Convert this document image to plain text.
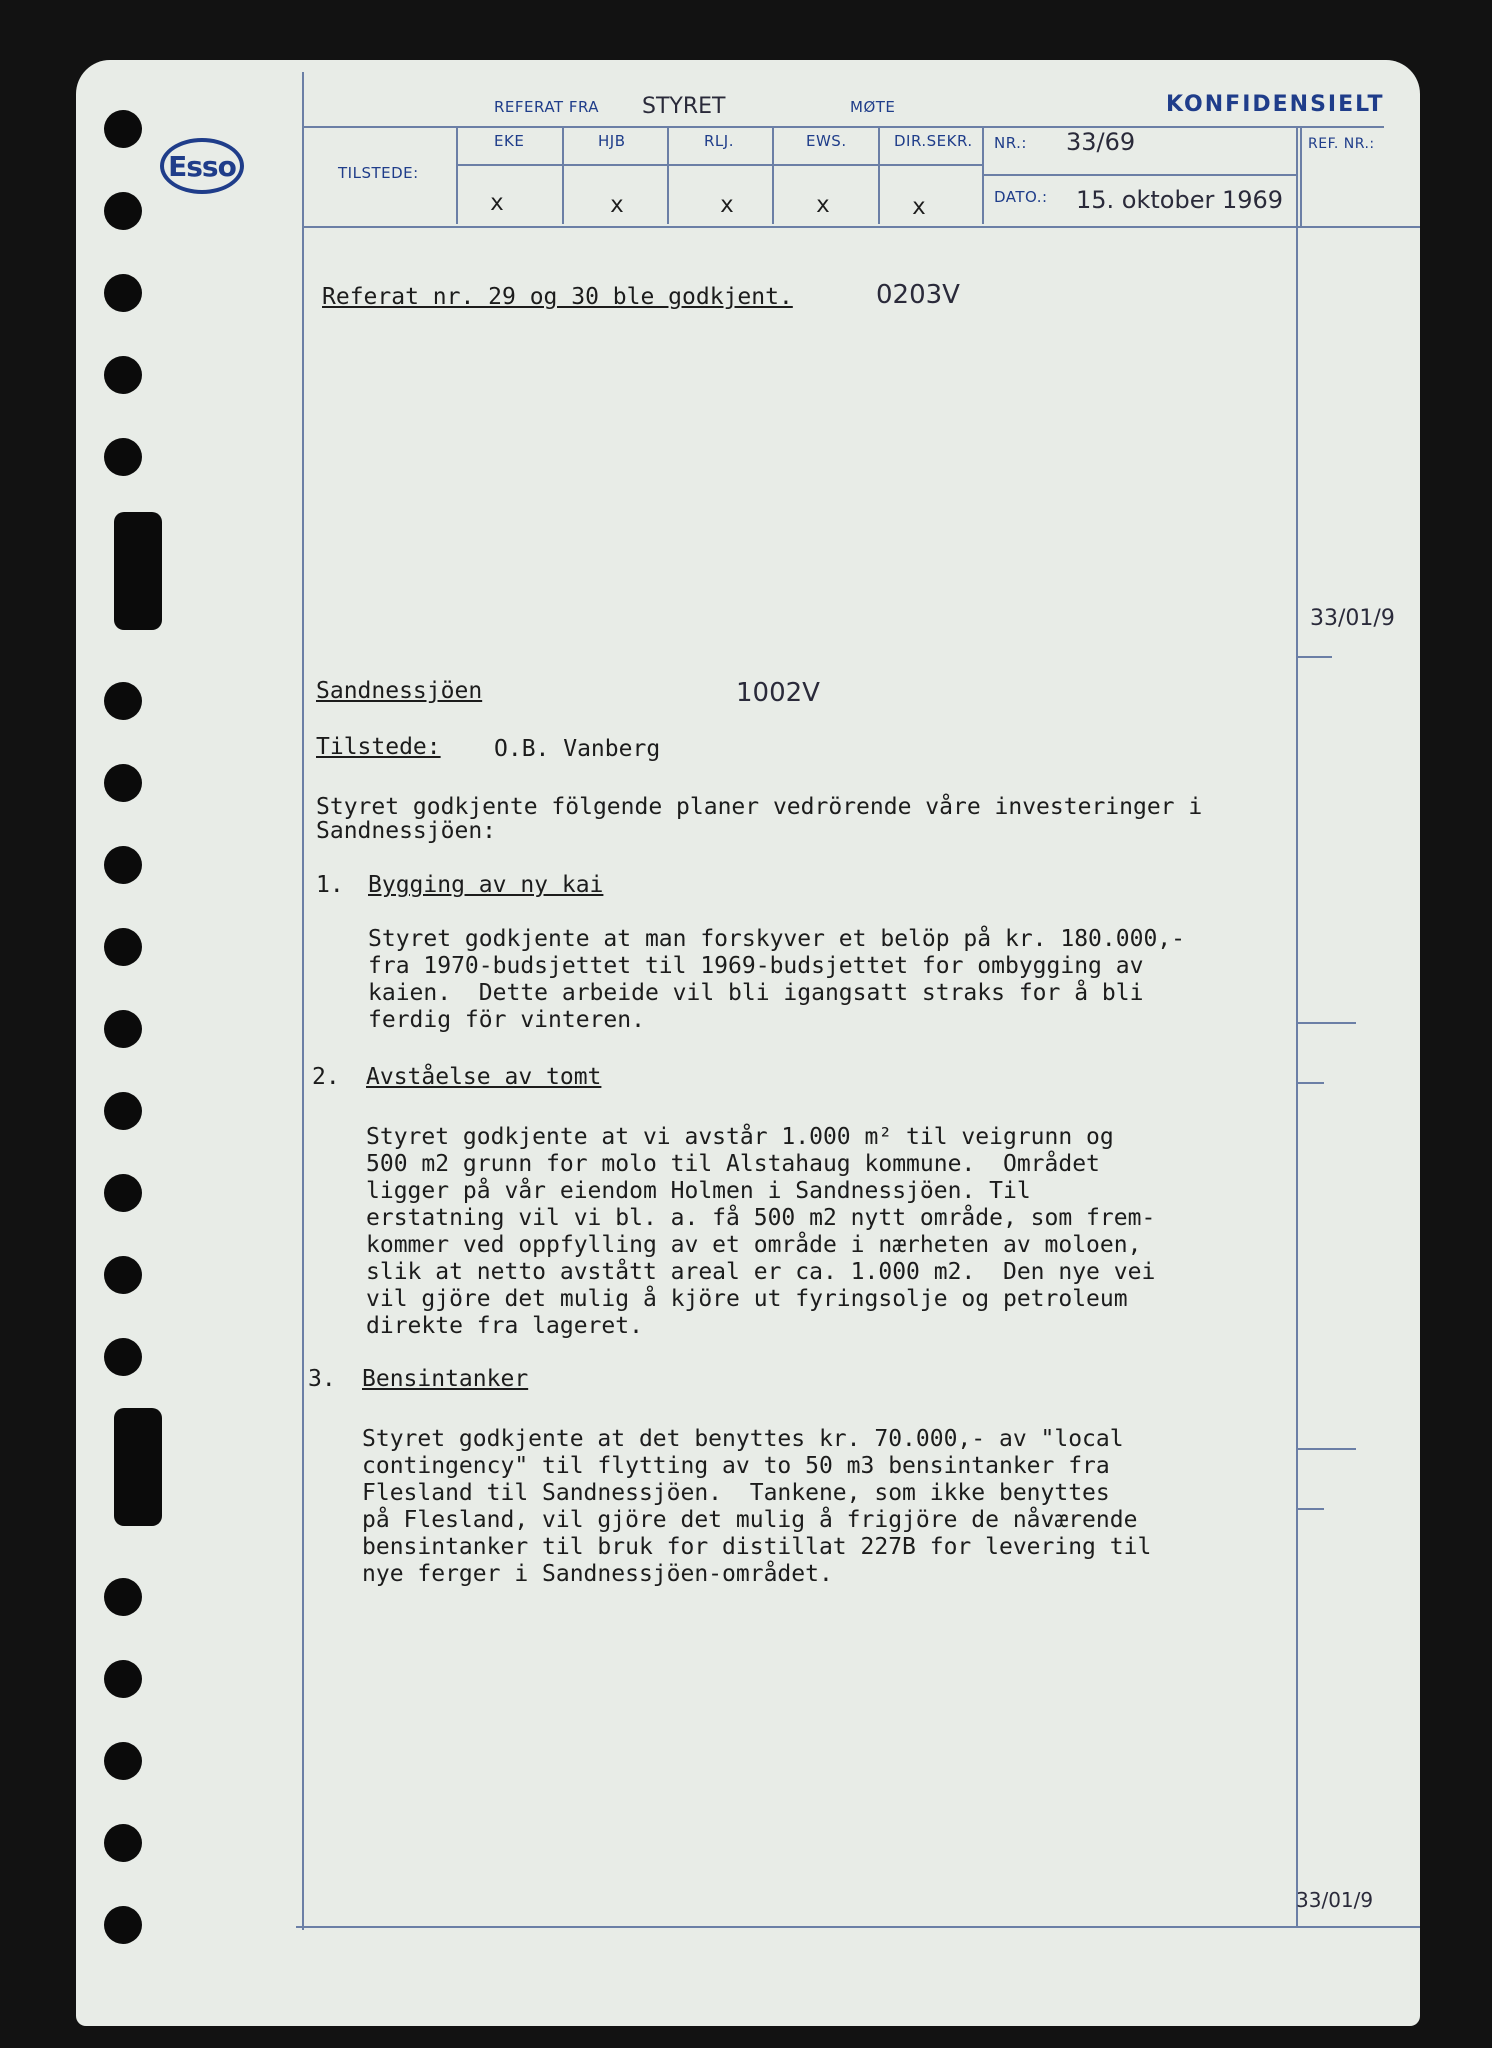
Esso
REFERAT FRA STYRET	MØTE	KONFIDENSIELT
TILSTEDE:
EKE	HJB	RLJ.	EWS.	DIR.SEKR.
x	x	x	x	x
NR.: 33/69	REF. NR.:
DATO.: 15. oktober 1969
Referat nr. 29 og 30 ble godkjent.	0203V
33/01/9
Sandnessjöen	1002V
Tilstede: O.B. Vanberg
Styret godkjente fölgende planer vedrörende våre investeringer i
Sandnessjöen:
1. Bygging av ny kai
Styret godkjente at man forskyver et belöp på kr. 180.000,-
fra 1970-budsjettet til 1969-budsjettet for ombygging av
kaien.  Dette arbeide vil bli igangsatt straks for å bli
ferdig för vinteren.
2. Avståelse av tomt
Styret godkjente at vi avstår 1.000 m² til veigrunn og
500 m2 grunn for molo til Alstahaug kommune.  Området
ligger på vår eiendom Holmen i Sandnessjöen. Til
erstatning vil vi bl. a. få 500 m2 nytt område, som frem-
kommer ved oppfylling av et område i nærheten av moloen,
slik at netto avstått areal er ca. 1.000 m2.  Den nye vei
vil gjöre det mulig å kjöre ut fyringsolje og petroleum
direkte fra lageret.
3. Bensintanker
Styret godkjente at det benyttes kr. 70.000,- av "local
contingency" til flytting av to 50 m3 bensintanker fra
Flesland til Sandnessjöen.  Tankene, som ikke benyttes
på Flesland, vil gjöre det mulig å frigjöre de nåværende
bensintanker til bruk for distillat 227B for levering til
nye ferger i Sandnessjöen-området.
33/01/9
